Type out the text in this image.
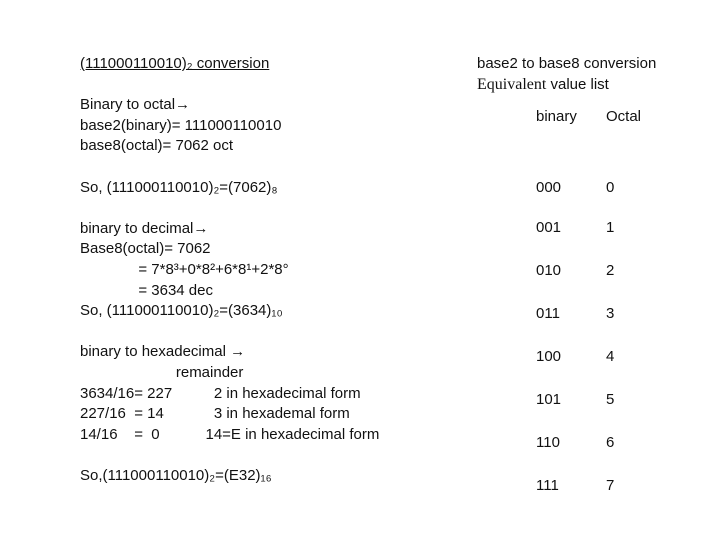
(111000110010)₂ conversion
Binary to octal→
base2(binary)= 111000110010
base8(octal)= 7062 oct
So, (111000110010)₂=(7062)₈
binary to decimal→
Base8(octal)= 7062
= 7*8³+0*8²+6*8¹+2*8°
= 3634 dec
So, (111000110010)₂=(3634)₁₀
binary to hexadecimal →
remainder
3634/16= 227          2 in hexadecimal form
227/16  = 14            3 in hexademal form
14/16    =  0           14=E in hexadecimal form
So,(111000110010)₂=(E32)₁₆
base2 to base8 conversion
Equivalent value list
binary	Octal
000	0
001	1
010	2
011	3
100	4
101	5
110	6
111	7
